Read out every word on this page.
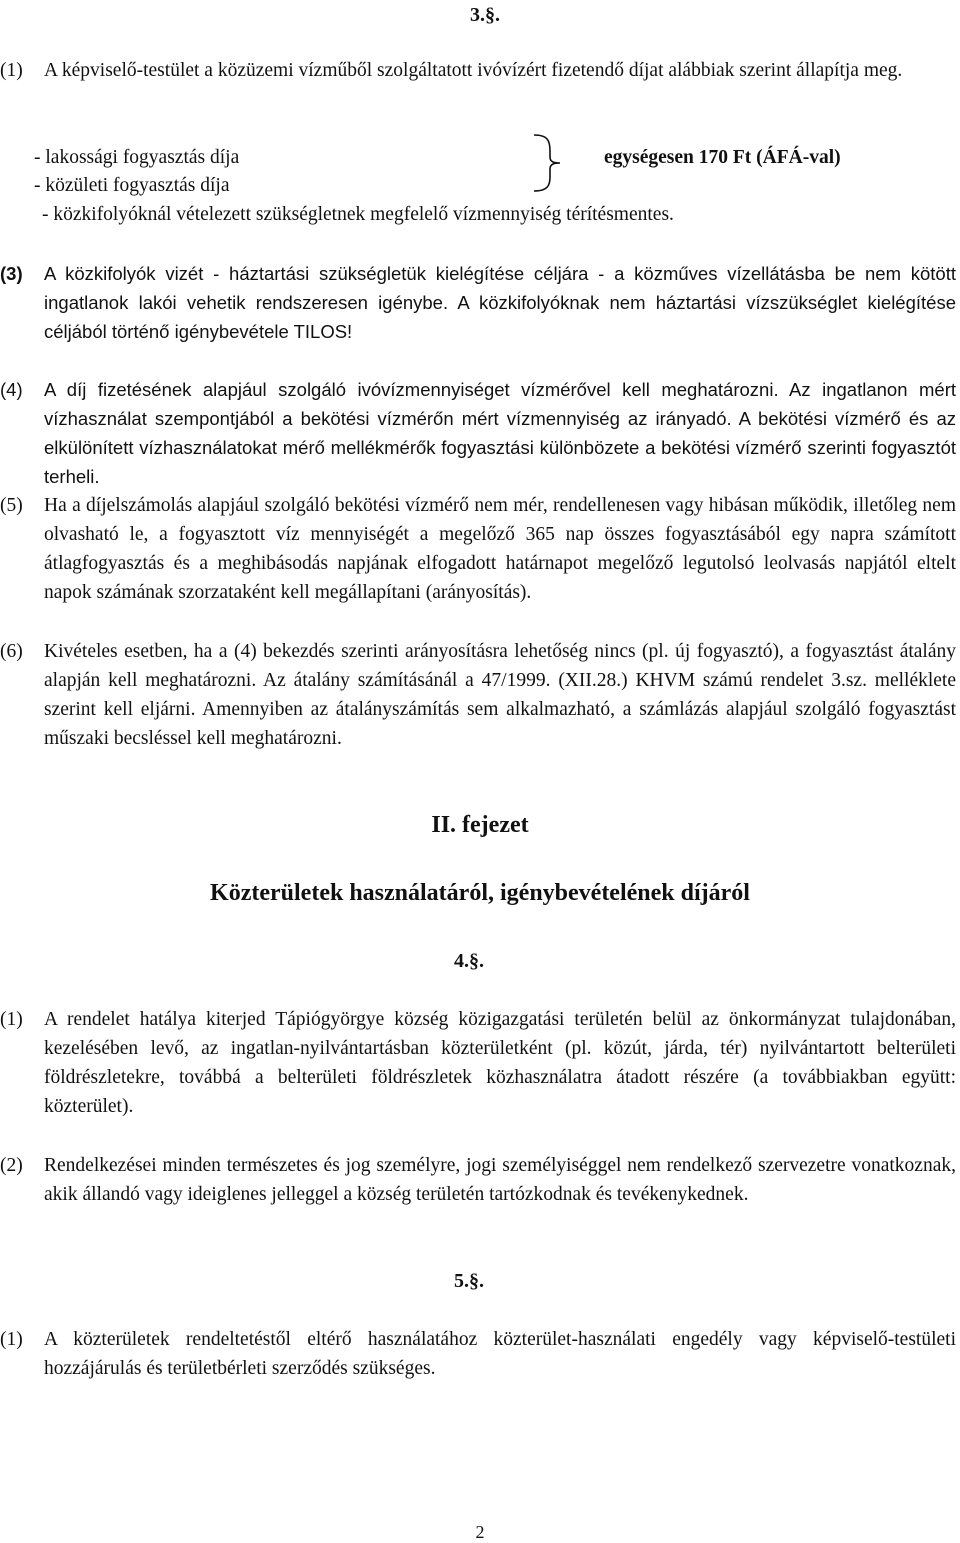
3.§.
(1) A képviselő-testület a közüzemi vízműből szolgáltatott ivóvízért fizetendő díjat alábbiak szerint állapítja meg.
- lakossági fogyasztás díja
- közületi fogyasztás díja
egységesen 170 Ft (ÁFÁ-val)
- közkifolyóknál vételezett szükségletnek megfelelő vízmennyiség térítésmentes.
(3) A közkifolyók vizét - háztartási szükségletük kielégítése céljára - a közműves vízellátásba be nem kötött ingatlanok lakói vehetik rendszeresen igénybe. A közkifolyóknak nem háztartási vízszükséglet kielégítése céljából történő igénybevétele TILOS!
(4) A díj fizetésének alapjául szolgáló ivóvízmennyiséget vízmérővel kell meghatározni. Az ingatlanon mért vízhasználat szempontjából a bekötési vízmérőn mért vízmennyiség az irányadó. A bekötési vízmérő és az elkülönített vízhasználatokat mérő mellékmérők fogyasztási különbözete a bekötési vízmérő szerinti fogyasztót terheli.
(5) Ha a díjelszámolás alapjául szolgáló bekötési vízmérő nem mér, rendellenesen vagy hibásan működik, illetőleg nem olvasható le, a fogyasztott víz mennyiségét a megelőző 365 nap összes fogyasztásából egy napra számított átlagfogyasztás és a meghibásodás napjának elfogadott határnapot megelőző legutolsó leolvasás napjától eltelt napok számának szorzataként kell megállapítani (arányosítás).
(6) Kivételes esetben, ha a (4) bekezdés szerinti arányosításra lehetőség nincs (pl. új fogyasztó), a fogyasztást átalány alapján kell meghatározni. Az átalány számításánál a 47/1999. (XII.28.) KHVM számú rendelet 3.sz. melléklete szerint kell eljárni. Amennyiben az átalányszámítás sem alkalmazható, a számlázás alapjául szolgáló fogyasztást műszaki becsléssel kell meghatározni.
II. fejezet
Közterületek használatáról, igénybevételének díjáról
4.§.
(1) A rendelet hatálya kiterjed Tápiógyörgye község közigazgatási területén belül az önkormányzat tulajdonában, kezelésében levő, az ingatlan-nyilvántartásban közterületként (pl. közút, járda, tér) nyilvántartott belterületi földrészletekre, továbbá a belterületi földrészletek közhasználatra átadott részére (a továbbiakban együtt: közterület).
(2) Rendelkezései minden természetes és jog személyre, jogi személyiséggel nem rendelkező szervezetre vonatkoznak, akik állandó vagy ideiglenes jelleggel a község területén tartózkodnak és tevékenykednek.
5.§.
(1) A közterületek rendeltetéstől eltérő használatához közterület-használati engedély vagy képviselő-testületi hozzájárulás és területbérleti szerződés szükséges.
2
